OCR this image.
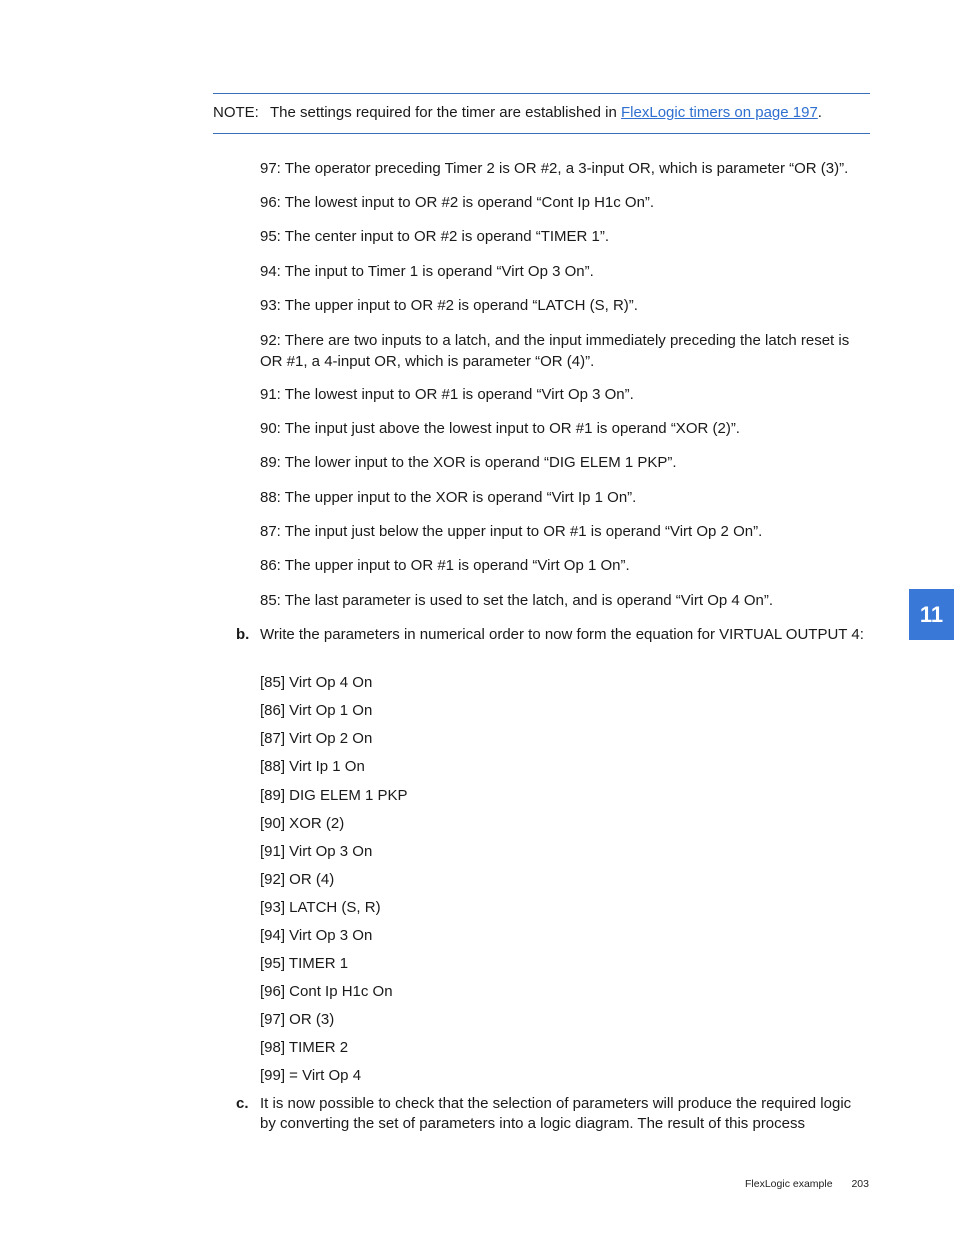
NOTE: The settings required for the timer are established in FlexLogic timers on page 197.
97: The operator preceding Timer 2 is OR #2, a 3-input OR, which is parameter “OR (3)”.
96: The lowest input to OR #2 is operand “Cont Ip H1c On”.
95: The center input to OR #2 is operand “TIMER 1”.
94: The input to Timer 1 is operand “Virt Op 3 On”.
93: The upper input to OR #2 is operand “LATCH (S, R)”.
92: There are two inputs to a latch, and the input immediately preceding the latch reset is OR #1, a 4-input OR, which is parameter “OR (4)”.
91: The lowest input to OR #1 is operand “Virt Op 3 On”.
90: The input just above the lowest input to OR #1 is operand “XOR (2)”.
89: The lower input to the XOR is operand “DIG ELEM 1 PKP”.
88: The upper input to the XOR is operand “Virt Ip 1 On”.
87: The input just below the upper input to OR #1 is operand “Virt Op 2 On”.
86: The upper input to OR #1 is operand “Virt Op 1 On”.
85: The last parameter is used to set the latch, and is operand “Virt Op 4 On”.
b. Write the parameters in numerical order to now form the equation for VIRTUAL OUTPUT 4:
[85] Virt Op 4 On
[86] Virt Op 1 On
[87] Virt Op 2 On
[88] Virt Ip 1 On
[89] DIG ELEM 1 PKP
[90] XOR (2)
[91] Virt Op 3 On
[92] OR (4)
[93] LATCH (S, R)
[94] Virt Op 3 On
[95] TIMER 1
[96] Cont Ip H1c On
[97] OR (3)
[98] TIMER 2
[99] = Virt Op 4
c. It is now possible to check that the selection of parameters will produce the required logic by converting the set of parameters into a logic diagram. The result of this process
11
FlexLogic example 203
